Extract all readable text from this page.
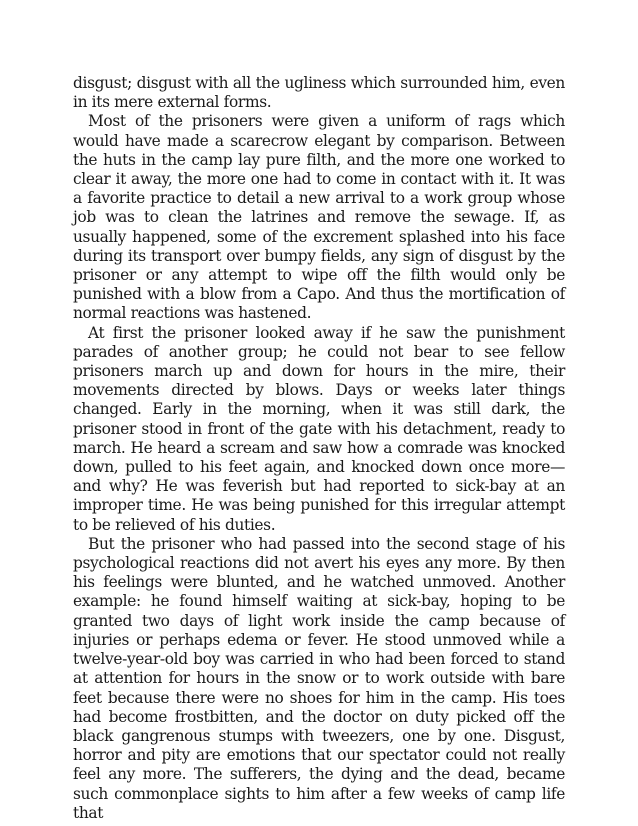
disgust; disgust with all the ugliness which surrounded him, even in its mere external forms.

Most of the prisoners were given a uniform of rags which would have made a scarecrow elegant by comparison. Between the huts in the camp lay pure filth, and the more one worked to clear it away, the more one had to come in contact with it. It was a favorite practice to detail a new arrival to a work group whose job was to clean the latrines and remove the sewage. If, as usually happened, some of the excrement splashed into his face during its transport over bumpy fields, any sign of disgust by the prisoner or any attempt to wipe off the filth would only be punished with a blow from a Capo. And thus the mortification of normal reactions was hastened.

At first the prisoner looked away if he saw the punishment parades of another group; he could not bear to see fellow prisoners march up and down for hours in the mire, their movements directed by blows. Days or weeks later things changed. Early in the morning, when it was still dark, the prisoner stood in front of the gate with his detachment, ready to march. He heard a scream and saw how a comrade was knocked down, pulled to his feet again, and knocked down once more—and why? He was feverish but had reported to sick-bay at an improper time. He was being punished for this irregular attempt to be relieved of his duties.

But the prisoner who had passed into the second stage of his psychological reactions did not avert his eyes any more. By then his feelings were blunted, and he watched unmoved. Another example: he found himself waiting at sick-bay, hoping to be granted two days of light work inside the camp because of injuries or perhaps edema or fever. He stood unmoved while a twelve-year-old boy was carried in who had been forced to stand at attention for hours in the snow or to work outside with bare feet because there were no shoes for him in the camp. His toes had become frostbitten, and the doctor on duty picked off the black gangrenous stumps with tweezers, one by one. Disgust, horror and pity are emotions that our spectator could not really feel any more. The sufferers, the dying and the dead, became such commonplace sights to him after a few weeks of camp life that
